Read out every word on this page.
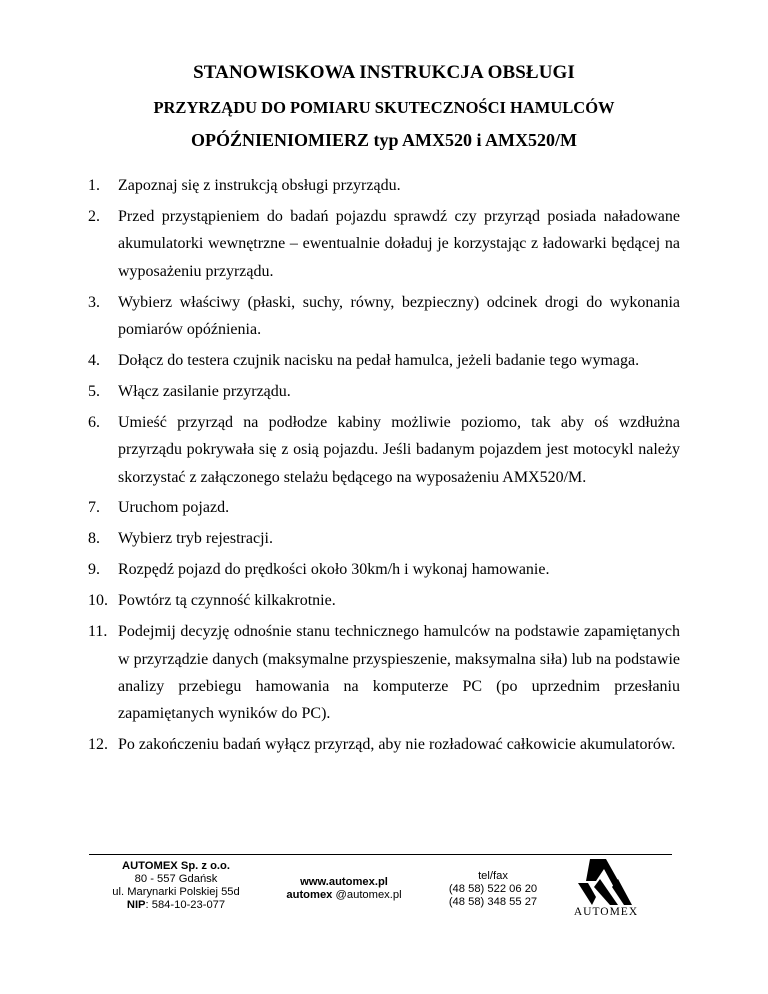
STANOWISKOWA INSTRUKCJA OBSŁUGI
PRZYRZĄDU DO POMIARU SKUTECZNOŚCI HAMULCÓW
OPÓŹNIENIOMIERZ typ AMX520 i AMX520/M
1.	Zapoznaj się z instrukcją obsługi przyrządu.
2.	Przed przystąpieniem do badań pojazdu sprawdź czy przyrząd posiada naładowane akumulatorki wewnętrzne – ewentualnie doładuj je korzystając z ładowarki będącej na wyposażeniu przyrządu.
3.	Wybierz właściwy (płaski, suchy, równy, bezpieczny) odcinek drogi do wykonania pomiarów opóźnienia.
4.	Dołącz do testera czujnik nacisku na pedał hamulca, jeżeli badanie tego wymaga.
5.	Włącz zasilanie przyrządu.
6.	Umieść przyrząd na podłodze kabiny możliwie poziomo, tak aby oś wzdłużna przyrządu pokrywała się z osią pojazdu. Jeśli badanym pojazdem jest motocykl należy skorzystać z załączonego stelażu będącego na wyposażeniu AMX520/M.
7.	Uruchom pojazd.
8.	Wybierz tryb rejestracji.
9.	Rozpędź pojazd do prędkości około 30km/h i wykonaj hamowanie.
10. Powtórz tą czynność kilkakrotnie.
11. Podejmij decyzję odnośnie stanu technicznego hamulców na podstawie zapamiętanych w przyrządzie danych (maksymalne przyspieszenie, maksymalna siła) lub na podstawie analizy przebiegu hamowania na komputerze PC (po uprzednim przesłaniu zapamiętanych wyników do PC).
12. Po zakończeniu badań wyłącz przyrząd, aby nie rozładować całkowicie akumulatorów.
AUTOMEX Sp. z o.o.
80 - 557 Gdańsk
ul. Marynarki Polskiej 55d
NIP: 584-10-23-077
www.automex.pl
automex @automex.pl
tel/fax
(48 58) 522 06 20
(48 58) 348 55 27
AUTOMEX
